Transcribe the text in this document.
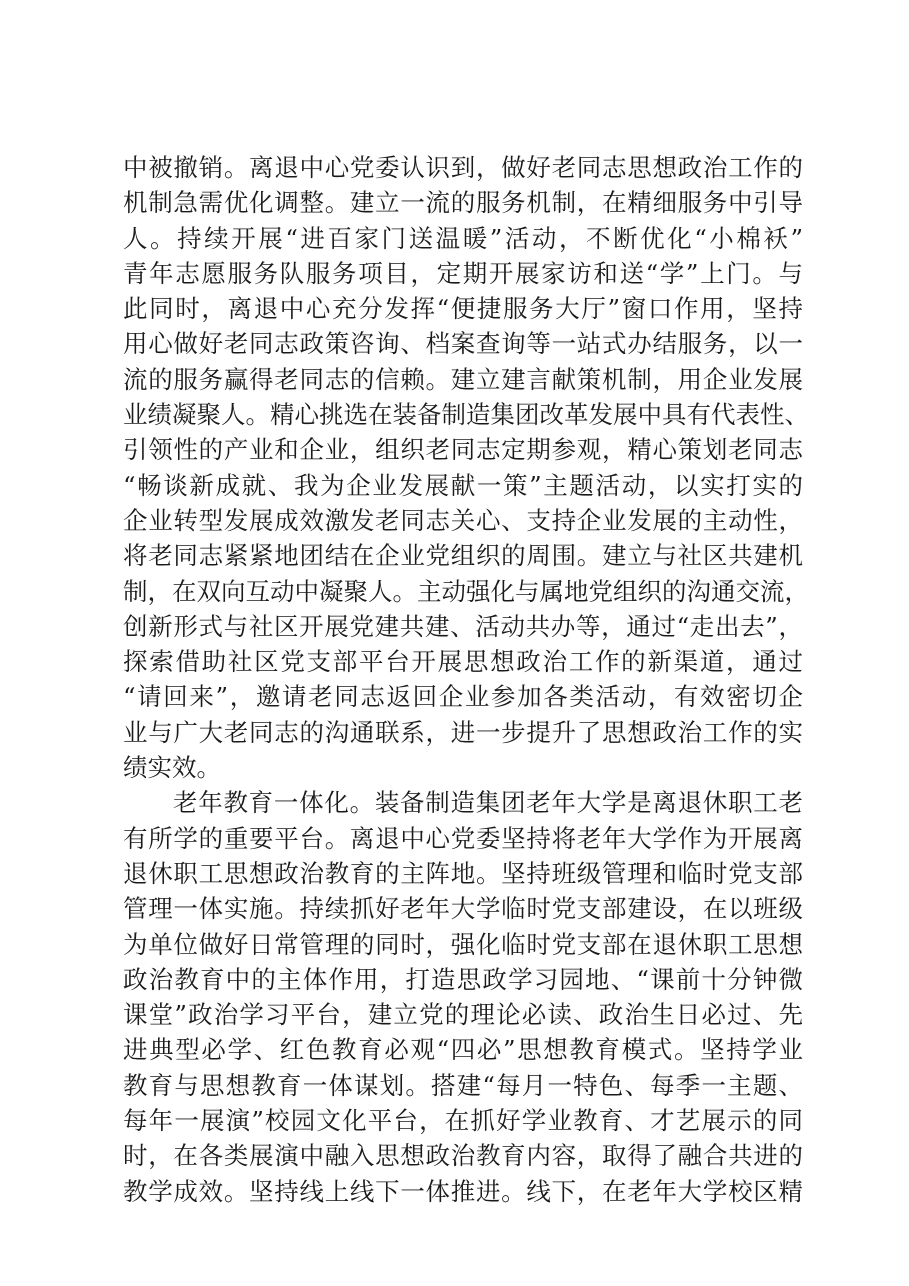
中被撤销。离退中心党委认识到，做好老同志思想政治工作的
机制急需优化调整。建立一流的服务机制，在精细服务中引导
人。持续开展“进百家门送温暖”活动，不断优化“小棉袄”
青年志愿服务队服务项目，定期开展家访和送“学”上门。与
此同时，离退中心充分发挥“便捷服务大厅”窗口作用，坚持
用心做好老同志政策咨询、档案查询等一站式办结服务，以一
流的服务赢得老同志的信赖。建立建言献策机制，用企业发展
业绩凝聚人。精心挑选在装备制造集团改革发展中具有代表性、
引领性的产业和企业，组织老同志定期参观，精心策划老同志
“畅谈新成就、我为企业发展献一策”主题活动，以实打实的
企业转型发展成效激发老同志关心、支持企业发展的主动性，
将老同志紧紧地团结在企业党组织的周围。建立与社区共建机
制，在双向互动中凝聚人。主动强化与属地党组织的沟通交流，
创新形式与社区开展党建共建、活动共办等，通过“走出去”，
探索借助社区党支部平台开展思想政治工作的新渠道，通过
“请回来”，邀请老同志返回企业参加各类活动，有效密切企
业与广大老同志的沟通联系，进一步提升了思想政治工作的实
绩实效。
老年教育一体化。装备制造集团老年大学是离退休职工老
有所学的重要平台。离退中心党委坚持将老年大学作为开展离
退休职工思想政治教育的主阵地。坚持班级管理和临时党支部
管理一体实施。持续抓好老年大学临时党支部建设，在以班级
为单位做好日常管理的同时，强化临时党支部在退休职工思想
政治教育中的主体作用，打造思政学习园地、“课前十分钟微
课堂”政治学习平台，建立党的理论必读、政治生日必过、先
进典型必学、红色教育必观“四必”思想教育模式。坚持学业
教育与思想教育一体谋划。搭建“每月一特色、每季一主题、
每年一展演”校园文化平台，在抓好学业教育、才艺展示的同
时，在各类展演中融入思想政治教育内容，取得了融合共进的
教学成效。坚持线上线下一体推进。线下，在老年大学校区精
